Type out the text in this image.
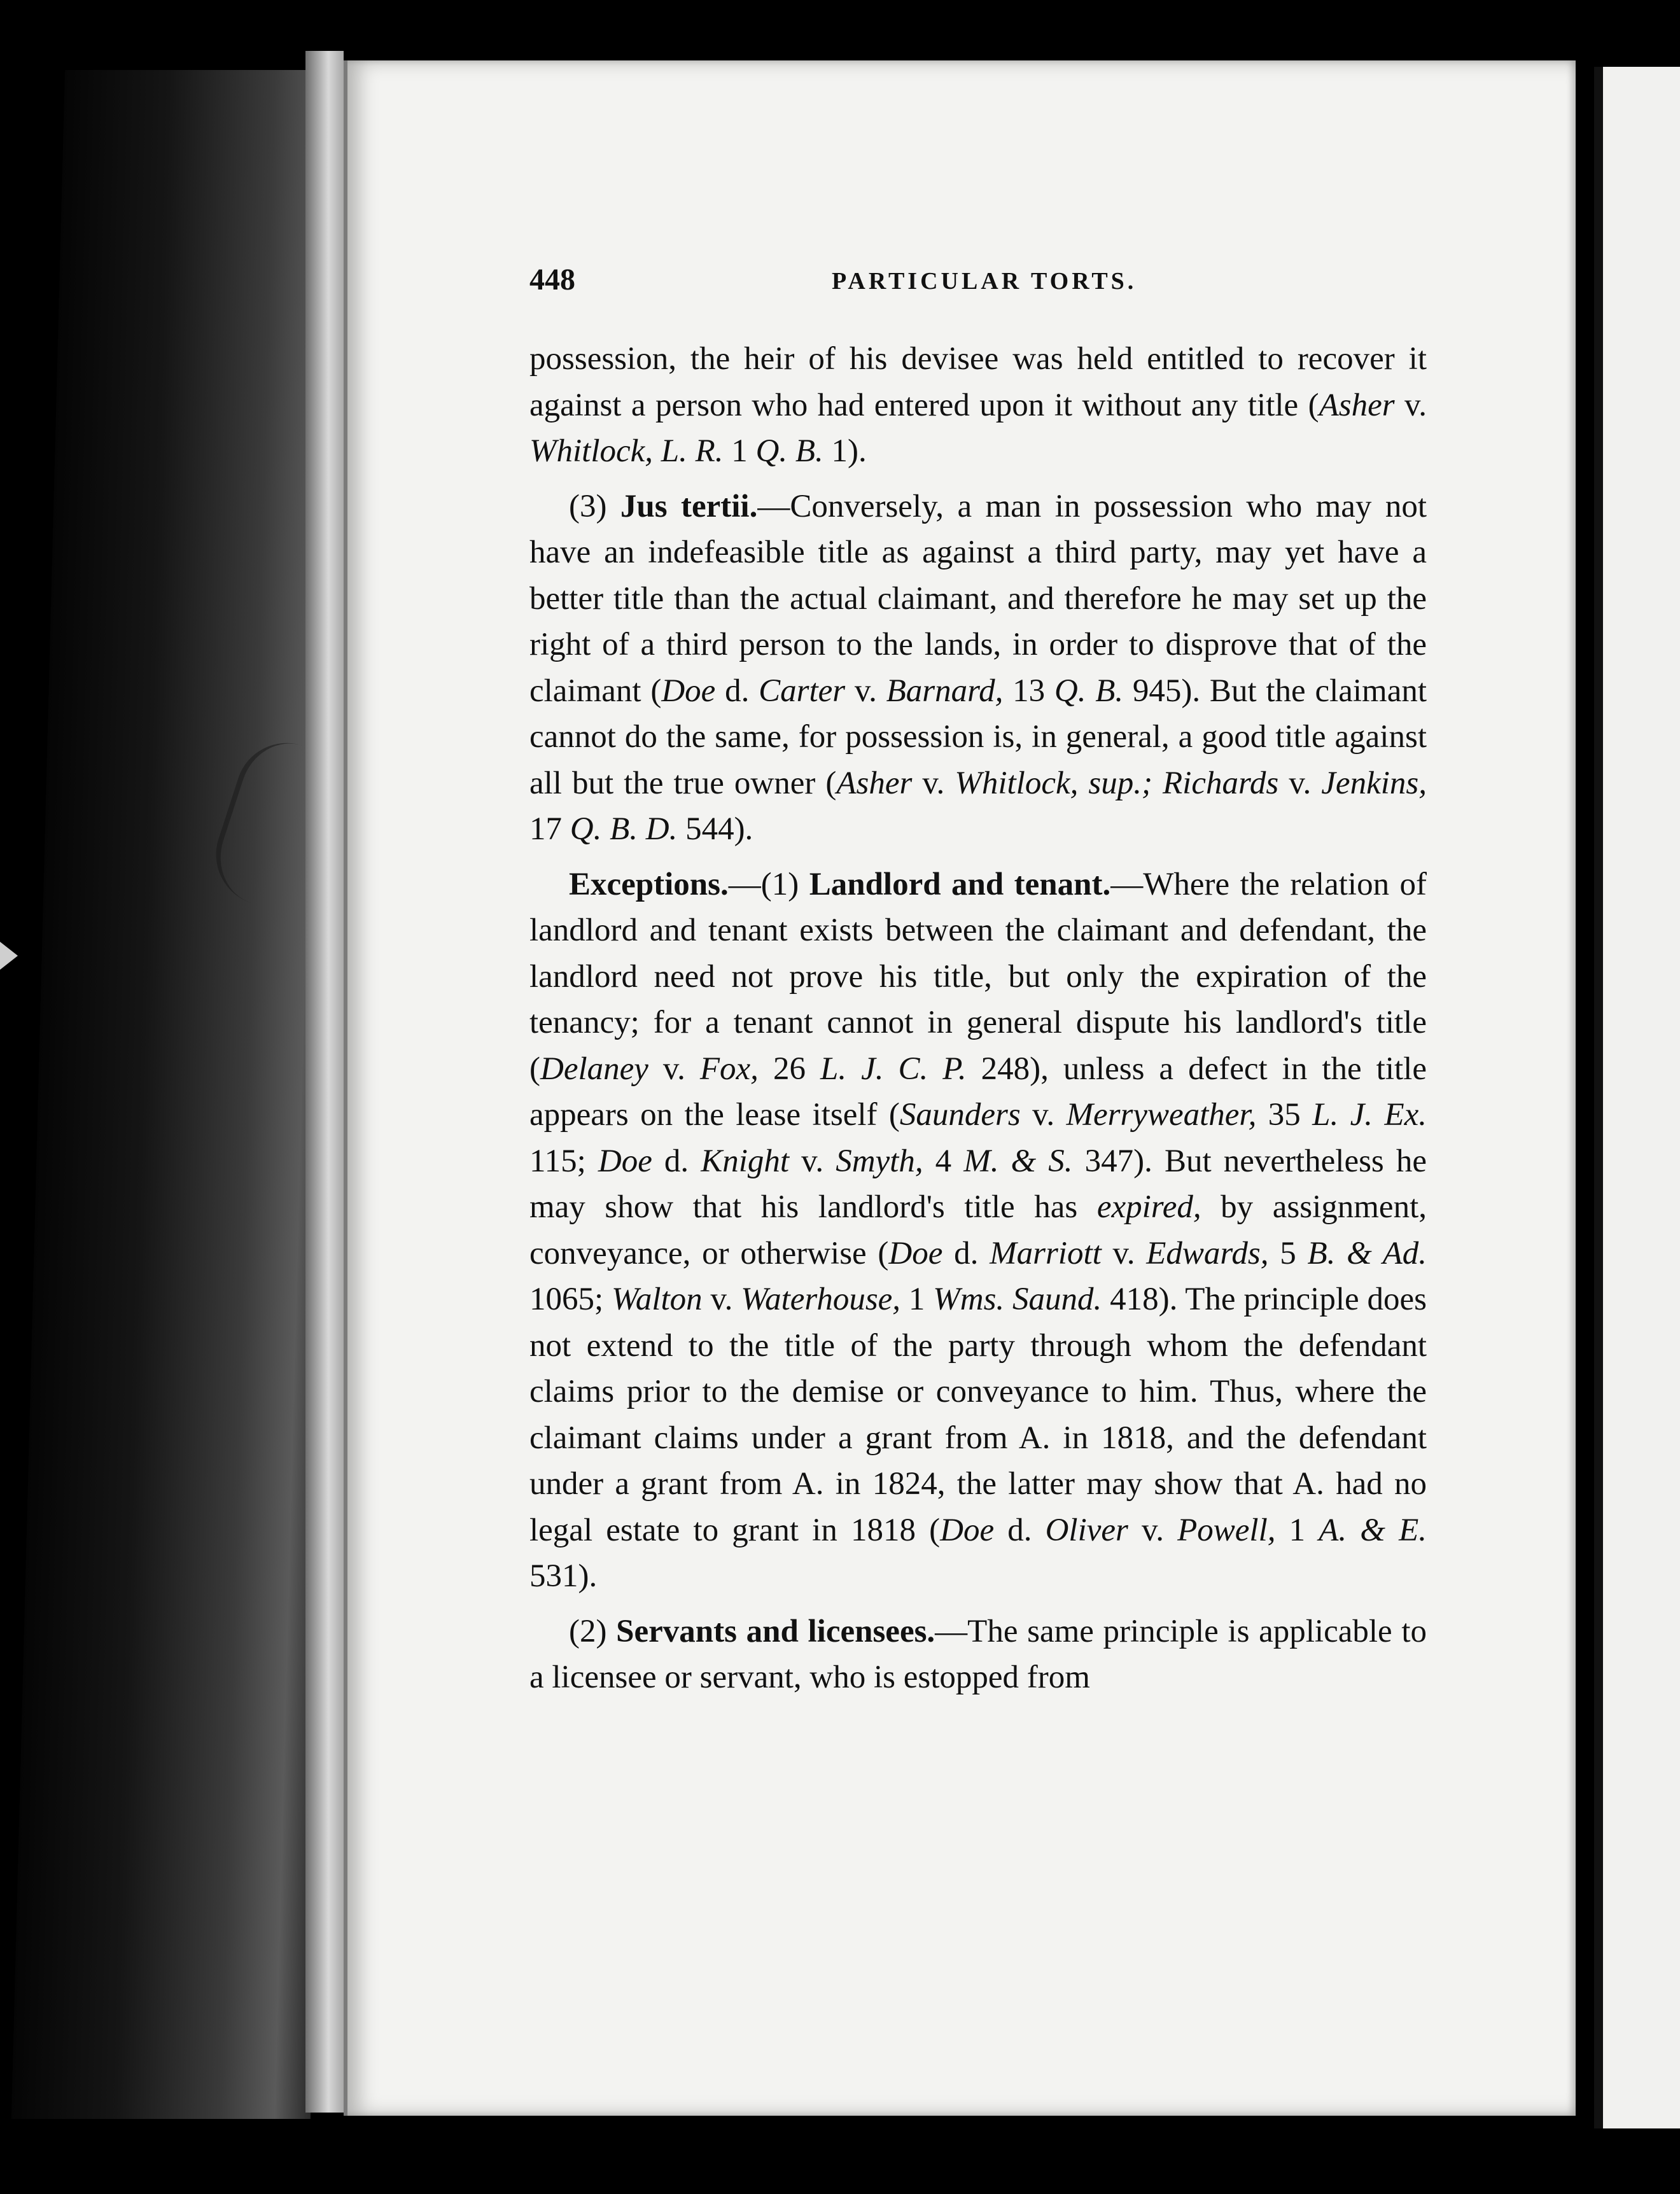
448	PARTICULAR TORTS.

possession, the heir of his devisee was held entitled to recover it against a person who had entered upon it without any title (Asher v. Whitlock, L. R. 1 Q. B. 1).

(3) Jus tertii.—Conversely, a man in possession who may not have an indefeasible title as against a third party, may yet have a better title than the actual claimant, and therefore he may set up the right of a third person to the lands, in order to disprove that of the claimant (Doe d. Carter v. Barnard, 13 Q. B. 945). But the claimant cannot do the same, for possession is, in general, a good title against all but the true owner (Asher v. Whitlock, sup.; Richards v. Jenkins, 17 Q. B. D. 544).

Exceptions.—(1) Landlord and tenant.—Where the relation of landlord and tenant exists between the claimant and defendant, the landlord need not prove his title, but only the expiration of the tenancy; for a tenant cannot in general dispute his landlord's title (Delaney v. Fox, 26 L. J. C. P. 248), unless a defect in the title appears on the lease itself (Saunders v. Merryweather, 35 L. J. Ex. 115; Doe d. Knight v. Smyth, 4 M. & S. 347). But nevertheless he may show that his landlord's title has expired, by assignment, conveyance, or otherwise (Doe d. Marriott v. Edwards, 5 B. & Ad. 1065; Walton v. Waterhouse, 1 Wms. Saund. 418). The principle does not extend to the title of the party through whom the defendant claims prior to the demise or conveyance to him. Thus, where the claimant claims under a grant from A. in 1818, and the defendant under a grant from A. in 1824, the latter may show that A. had no legal estate to grant in 1818 (Doe d. Oliver v. Powell, 1 A. & E. 531).

(2) Servants and licensees.—The same principle is applicable to a licensee or servant, who is estopped from
